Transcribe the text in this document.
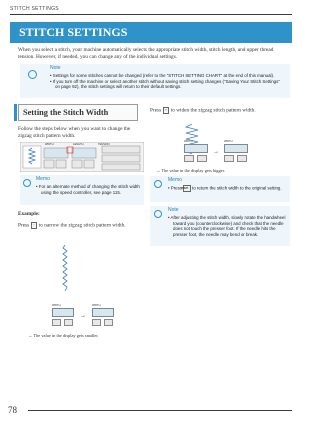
STITCH SETTINGS
STITCH SETTINGS
When you select a stitch, your machine automatically selects the appropriate stitch width, stitch length, and upper thread tension. However, if needed, you can change any of the individual settings.
Note
• Settings for some stitches cannot be changed (refer to the "STITCH SETTING CHART" at the end of this manual).
• If you turn off the machine or select another stitch without saving stitch setting changes ("Saving Your Stitch Settings" on page 92), the stitch settings will return to their default settings.
Setting the Stitch Width
Follow the steps below when you want to change the zigzag stitch pattern width.
WIDTH	LENGTH	TENSION
Memo
• For an alternate method of changing the stitch width using the speed controller, see page 115.
Example:
Press − to narrow the zigzag stitch pattern width.
WIDTH
→
WIDTH
→ The value in the display gets smaller.
Press + to widen the zigzag stitch pattern width.
WIDTH
→
WIDTH
→ The value in the display gets bigger.
Memo
• Press reset to return the stitch width to the original setting.
Note
• After adjusting the stitch width, slowly rotate the handwheel toward you (counterclockwise) and check that the needle does not touch the presser foot. If the needle hits the presser foot, the needle may bend or break.
78
